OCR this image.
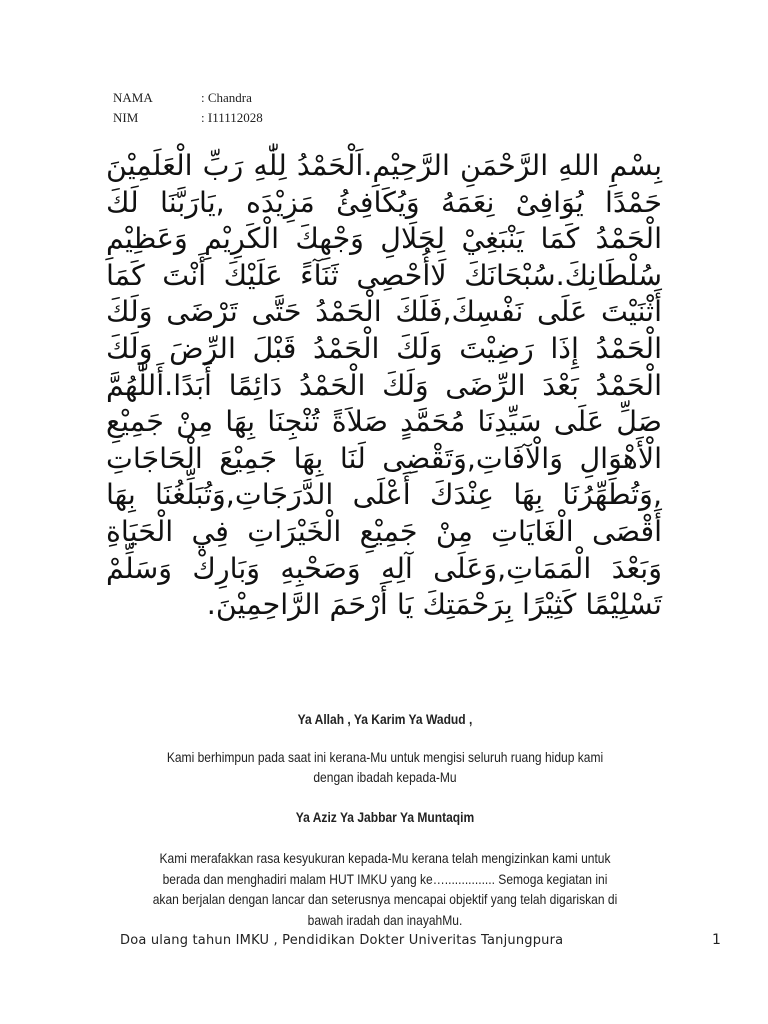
NAMA	: Chandra
NIM	: I11112028
بِسْمِ اللهِ الرَّحْمَنِ الرَّحِيْمِ.اَلْحَمْدُ لِلّٰهِ رَبِّ الْعَلَمِيْنَ حَمْدًا يُوَافِىْ نِعَمَهُ وَيُكَافِئُ مَزِيْدَه ,يَارَبَّنَا لَكَ الْحَمْدُ كَمَا يَنْبَغِيْ لِجَلَالِ وَجْهِكَ الْكَرِيْمِ وَعَظِيْمِ سُلْطَانِكَ.سُبْحَانَكَ لَاأُحْصِى ثَنَآءً عَلَيْكَ أَنْتَ كَمَا أَثْنَيْتَ عَلَى نَفْسِكَ,فَلَكَ الْحَمْدُ حَتَّى تَرْضَى وَلَكَ الْحَمْدُ إِذَا رَضِيْتَ وَلَكَ الْحَمْدُ قَبْلَ الرِّضَ وَلَكَ الْحَمْدُ بَعْدَ الرِّضَى وَلَكَ الْحَمْدُ دَائِمًا أَبَدًا.أَللّٰهُمَّ صَلِّ عَلَى سَيِّدِنَا مُحَمَّدٍ صَلاَةً تُنْجِنَا بِهَا مِنْ جَمِيْعِ الْأَهْوَالِ وَالْآفَاتِ,وَتَقْضِى لَنَا بِهَا جَمِيْعَ الْحَاجَاتِ ,وَتُطَهِّرُنَا بِهَا عِنْدَكَ أَعْلَى الدَّرَجَاتِ,وَتُبَلِّغُنَا بِهَا أَقْصَى الْغَايَاتِ مِنْ جَمِيْعِ الْخَيْرَاتِ فِي الْحَيَاةِ وَبَعْدَ الْمَمَاتِ,وَعَلَى آلِهِ وَصَحْبِهِ وَبَارِكْ وَسَلِّمْ تَسْلِيْمًا كَثِيْرًا بِرَحْمَتِكَ يَا أَرْحَمَ الرَّاحِمِيْنَ.
Ya Allah , Ya Karim Ya Wadud ,
Kami berhimpun pada saat ini kerana-Mu untuk mengisi seluruh ruang hidup kami dengan ibadah kepada-Mu
Ya Aziz Ya Jabbar Ya Muntaqim
Kami merafakkan rasa kesyukuran kepada-Mu kerana telah mengizinkan kami untuk berada dan menghadiri malam HUT IMKU yang ke…............... Semoga kegiatan ini akan berjalan dengan lancar dan seterusnya mencapai objektif yang telah digariskan di bawah iradah dan inayahMu.
Doa ulang tahun IMKU , Pendidikan Dokter Univeritas Tanjungpura	1
